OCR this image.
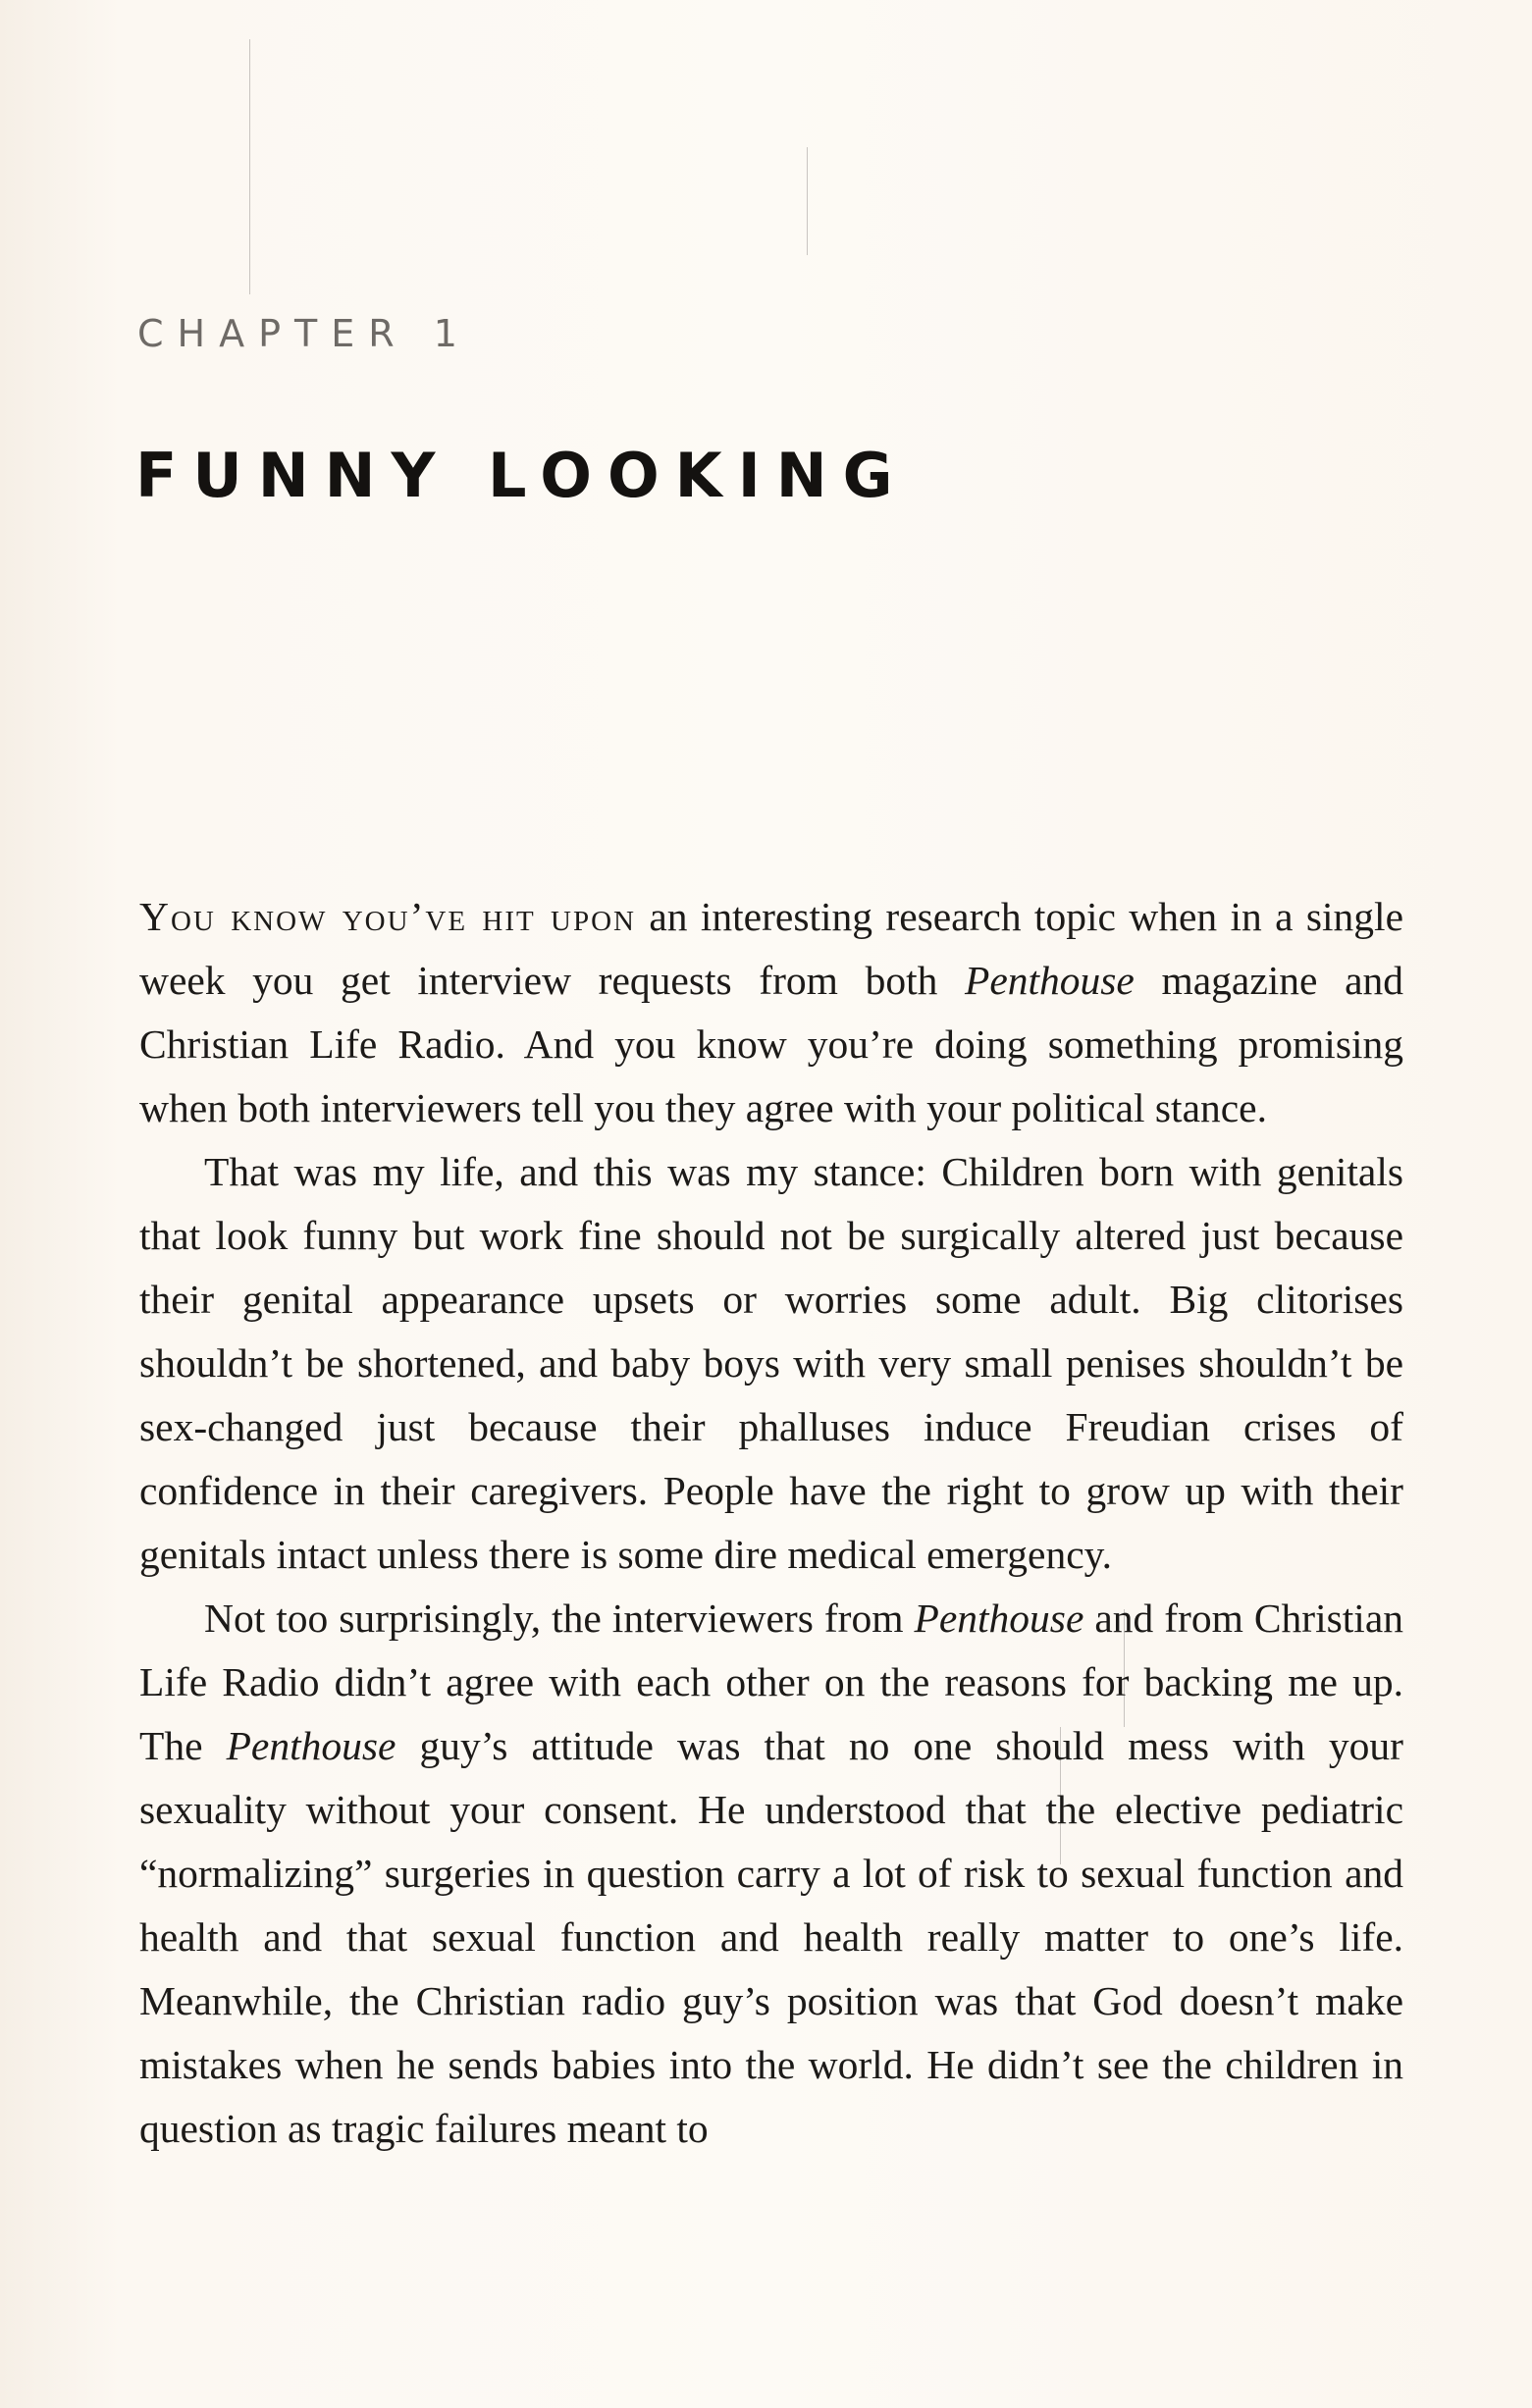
CHAPTER 1
FUNNY LOOKING

You know you’ve hit upon an interesting research topic when in a single week you get interview requests from both Penthouse magazine and Christian Life Radio. And you know you’re doing something promising when both interviewers tell you they agree with your political stance.

That was my life, and this was my stance: Children born with genitals that look funny but work fine should not be surgically altered just because their genital appearance upsets or worries some adult. Big clitorises shouldn’t be shortened, and baby boys with very small penises shouldn’t be sex-changed just because their phalluses induce Freudian crises of confidence in their caregivers. People have the right to grow up with their genitals intact unless there is some dire medical emergency.

Not too surprisingly, the interviewers from Penthouse and from Christian Life Radio didn’t agree with each other on the reasons for backing me up. The Penthouse guy’s attitude was that no one should mess with your sexuality without your consent. He understood that the elective pediatric “normalizing” surgeries in question carry a lot of risk to sexual function and health and that sexual function and health really matter to one’s life. Meanwhile, the Christian radio guy’s position was that God doesn’t make mistakes when he sends babies into the world. He didn’t see the children in question as tragic failures meant to
